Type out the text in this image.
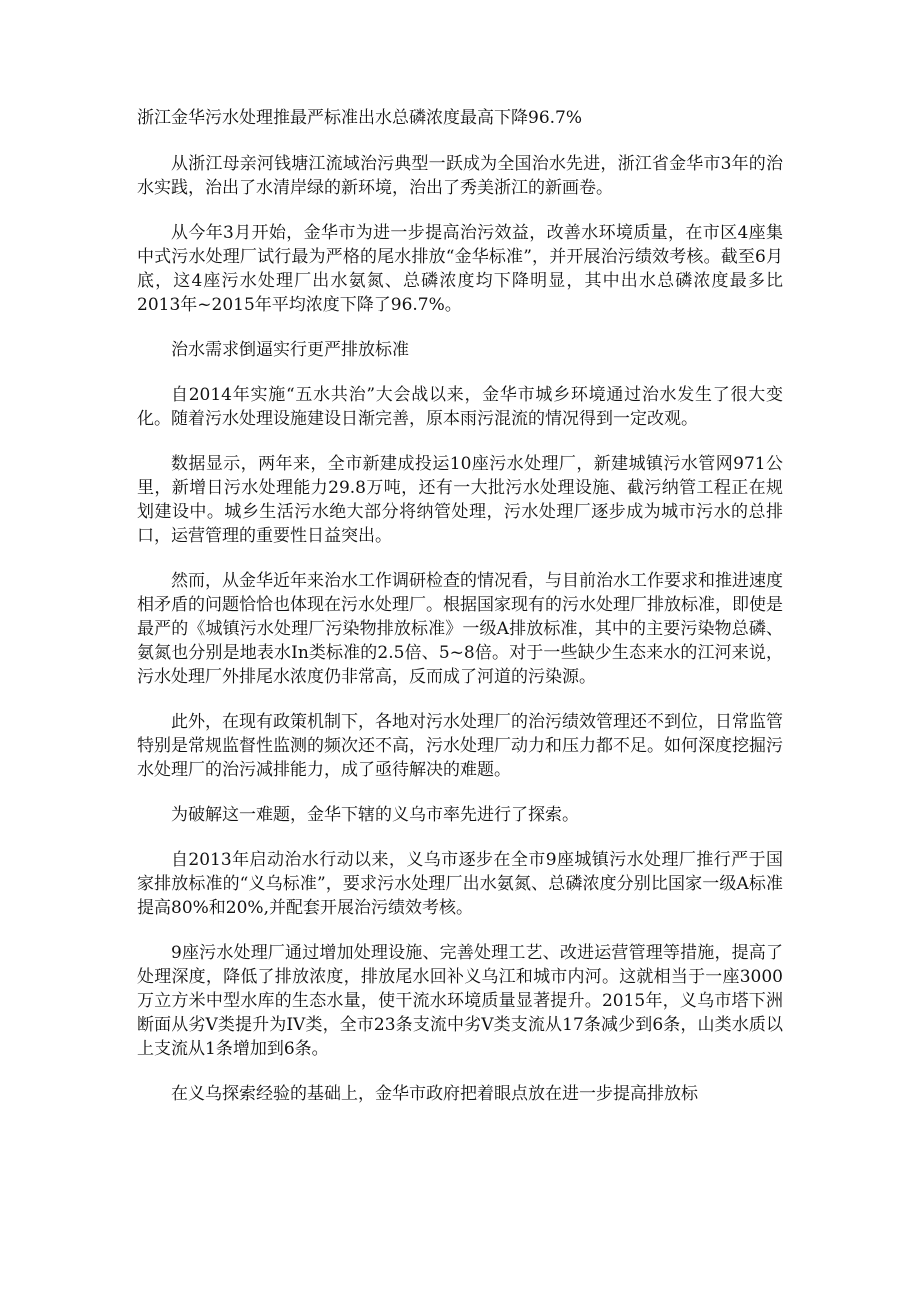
浙江金华污水处理推最严标准出水总磷浓度最高下降96.7%

从浙江母亲河钱塘江流域治污典型一跃成为全国治水先进，浙江省金华市3年的治水实践，治出了水清岸绿的新环境，治出了秀美浙江的新画卷。

从今年3月开始，金华市为进一步提高治污效益，改善水环境质量，在市区4座集中式污水处理厂试行最为严格的尾水排放“金华标准”，并开展治污绩效考核。截至6月底，这4座污水处理厂出水氨氮、总磷浓度均下降明显，其中出水总磷浓度最多比2013年~2015年平均浓度下降了96.7%。

治水需求倒逼实行更严排放标准

自2014年实施“五水共治”大会战以来，金华市城乡环境通过治水发生了很大变化。随着污水处理设施建设日渐完善，原本雨污混流的情况得到一定改观。

数据显示，两年来，全市新建成投运10座污水处理厂，新建城镇污水管网971公里，新增日污水处理能力29.8万吨，还有一大批污水处理设施、截污纳管工程正在规划建设中。城乡生活污水绝大部分将纳管处理，污水处理厂逐步成为城市污水的总排口，运营管理的重要性日益突出。

然而，从金华近年来治水工作调研检查的情况看，与目前治水工作要求和推进速度相矛盾的问题恰恰也体现在污水处理厂。根据国家现有的污水处理厂排放标准，即使是最严的《城镇污水处理厂污染物排放标准》一级A排放标准，其中的主要污染物总磷、氨氮也分别是地表水In类标准的2.5倍、5~8倍。对于一些缺少生态来水的江河来说，污水处理厂外排尾水浓度仍非常高，反而成了河道的污染源。

此外，在现有政策机制下，各地对污水处理厂的治污绩效管理还不到位，日常监管特别是常规监督性监测的频次还不高，污水处理厂动力和压力都不足。如何深度挖掘污水处理厂的治污减排能力，成了亟待解决的难题。

为破解这一难题，金华下辖的义乌市率先进行了探索。

自2013年启动治水行动以来，义乌市逐步在全市9座城镇污水处理厂推行严于国家排放标准的“义乌标准”，要求污水处理厂出水氨氮、总磷浓度分别比国家一级A标准提高80%和20%,并配套开展治污绩效考核。

9座污水处理厂通过增加处理设施、完善处理工艺、改进运营管理等措施，提高了处理深度，降低了排放浓度，排放尾水回补义乌江和城市内河。这就相当于一座3000万立方米中型水库的生态水量，使干流水环境质量显著提升。2015年，义乌市塔下洲断面从劣V类提升为IV类，全市23条支流中劣V类支流从17条减少到6条，山类水质以上支流从1条增加到6条。

在义乌探索经验的基础上，金华市政府把着眼点放在进一步提高排放标
